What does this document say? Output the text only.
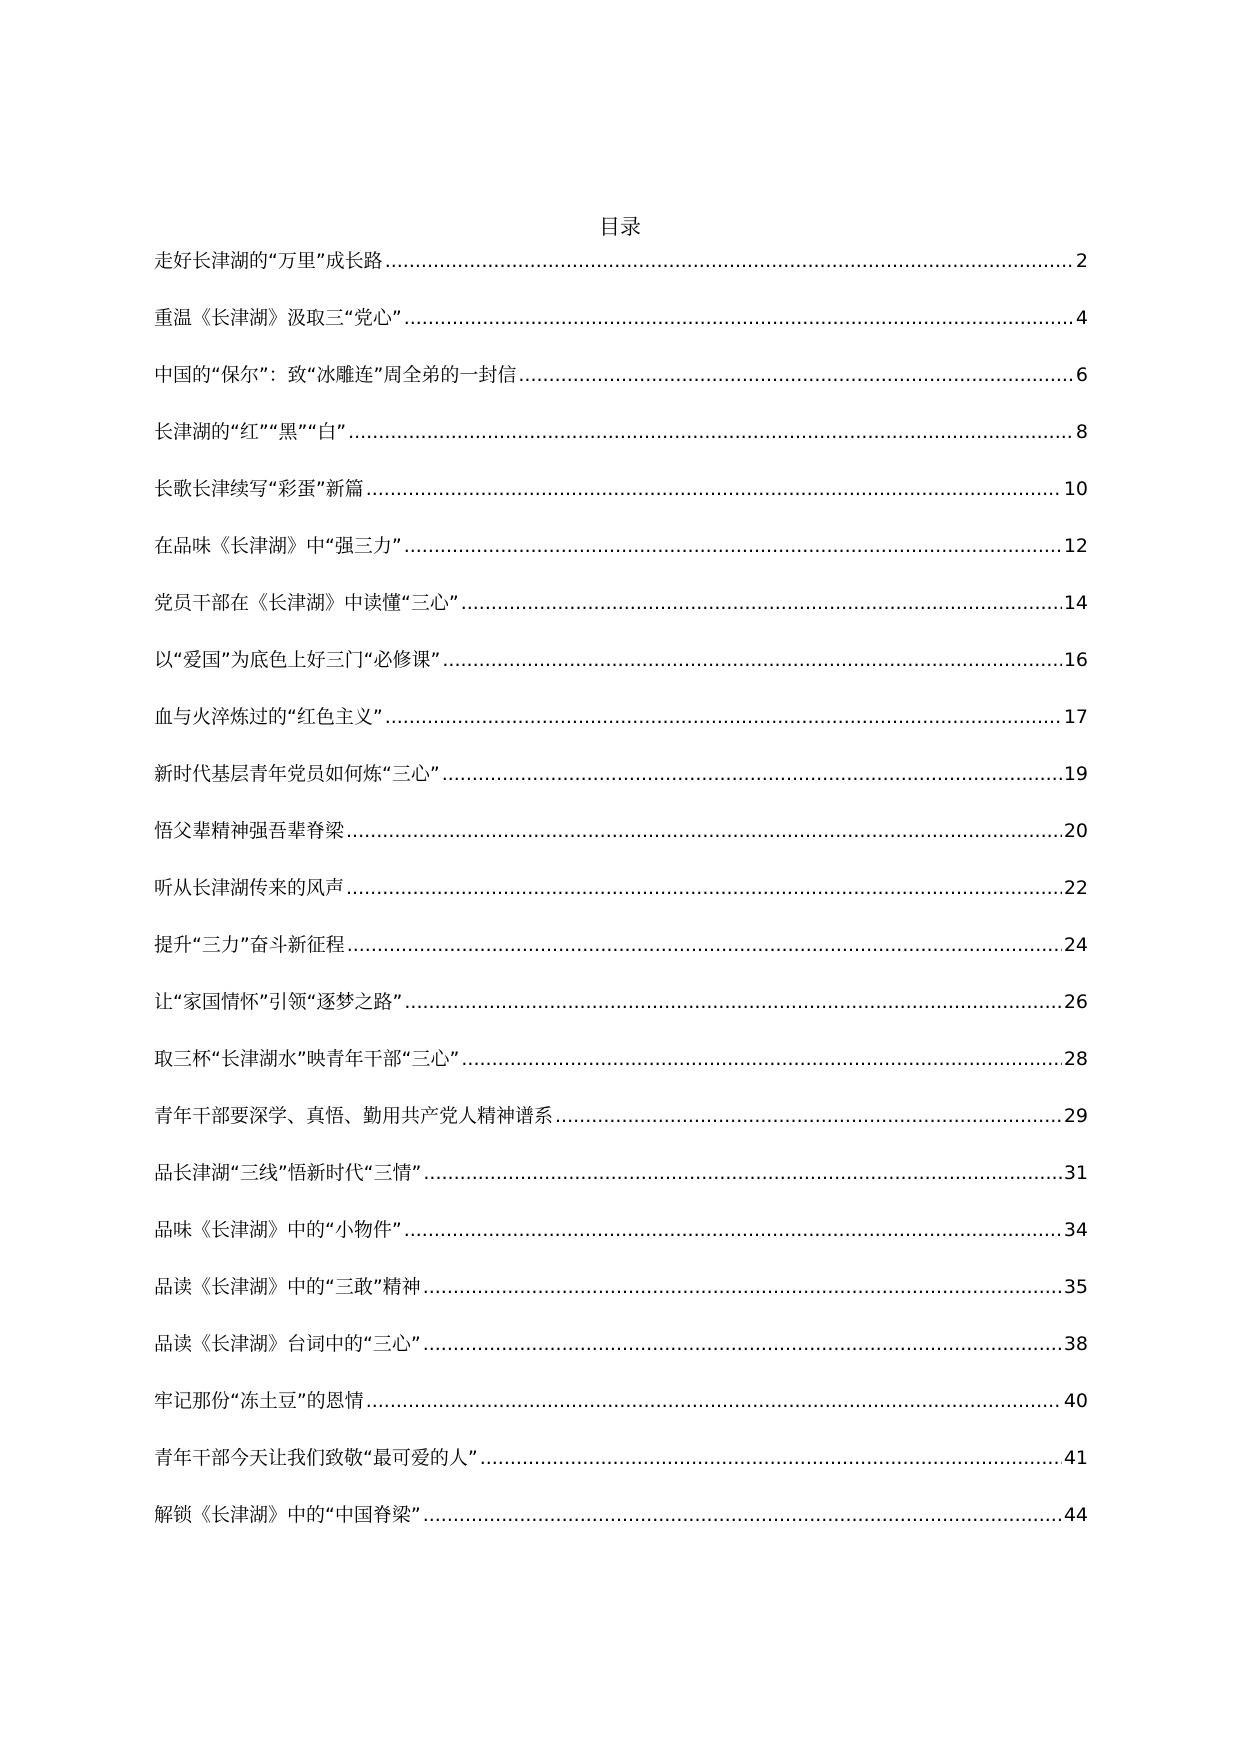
目录
走好长津湖的“万里”成长路 .....	2
重温《长津湖》汲取三“党心” .....	4
中国的“保尔”：致“冰雕连”周全弟的一封信 .....	6
长津湖的“红”“黑”“白” .....	8
长歌长津续写“彩蛋”新篇 .....	10
在品味《长津湖》中“强三力” .....	12
党员干部在《长津湖》中读懂“三心” .....	14
以“爱国”为底色上好三门“必修课” .....	16
血与火淬炼过的“红色主义” .....	17
新时代基层青年党员如何炼“三心” .....	19
悟父辈精神强吾辈脊梁 .....	20
听从长津湖传来的风声 .....	22
提升“三力”奋斗新征程 .....	24
让“家国情怀”引领“逐梦之路” .....	26
取三杯“长津湖水”映青年干部“三心” .....	28
青年干部要深学、真悟、勤用共产党人精神谱系 .....	29
品长津湖“三线”悟新时代“三情” .....	31
品味《长津湖》中的“小物件” .....	34
品读《长津湖》中的“三敢”精神 .....	35
品读《长津湖》台词中的“三心” .....	38
牢记那份“冻土豆”的恩情 .....	40
青年干部今天让我们致敬“最可爱的人” .....	41
解锁《长津湖》中的“中国脊梁” .....	44
